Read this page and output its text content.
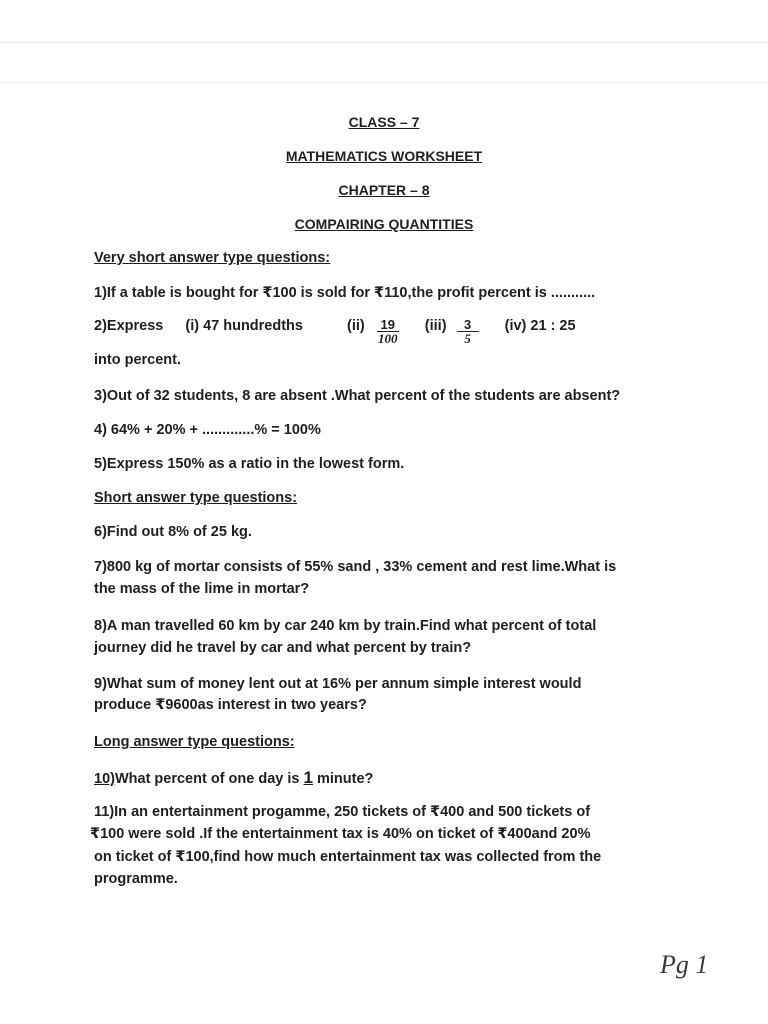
CLASS – 7
MATHEMATICS WORKSHEET
CHAPTER – 8
COMPAIRING QUANTITIES
Very short answer type questions:
1)If a table is bought for ₹100 is sold for ₹110,the profit percent is ...........
2)Express (i) 47 hundredths	$(ii) \frac{19}{100} (iii) \frac{3}{5} (iv)$ 21 : 25
into percent.
3)Out of 32 students, 8 are absent .What percent of the students are absent?
4) 64% + 20% + .............% = 100%
5)Express 150% as a ratio in the lowest form.
Short answer type questions:
6)Find out 8% of 25 kg.
7)800 kg of mortar consists of 55% sand , 33% cement and rest lime.What is
the mass of the lime in mortar?
8)A man travelled 60 km by car 240 km by train.Find what percent of total
journey did he travel by car and what percent by train?
9)What sum of money lent out at 16% per annum simple interest would
produce ₹9600as interest in two years?
Long answer type questions:
10)What percent of one day is 1 minute?
11)In an entertainment progamme, 250 tickets of ₹400 and 500 tickets of
₹100 were sold .If the entertainment tax is 40% on ticket of ₹400and 20%
on ticket of ₹100,find how much entertainment tax was collected from the
programme.
Pg 1
